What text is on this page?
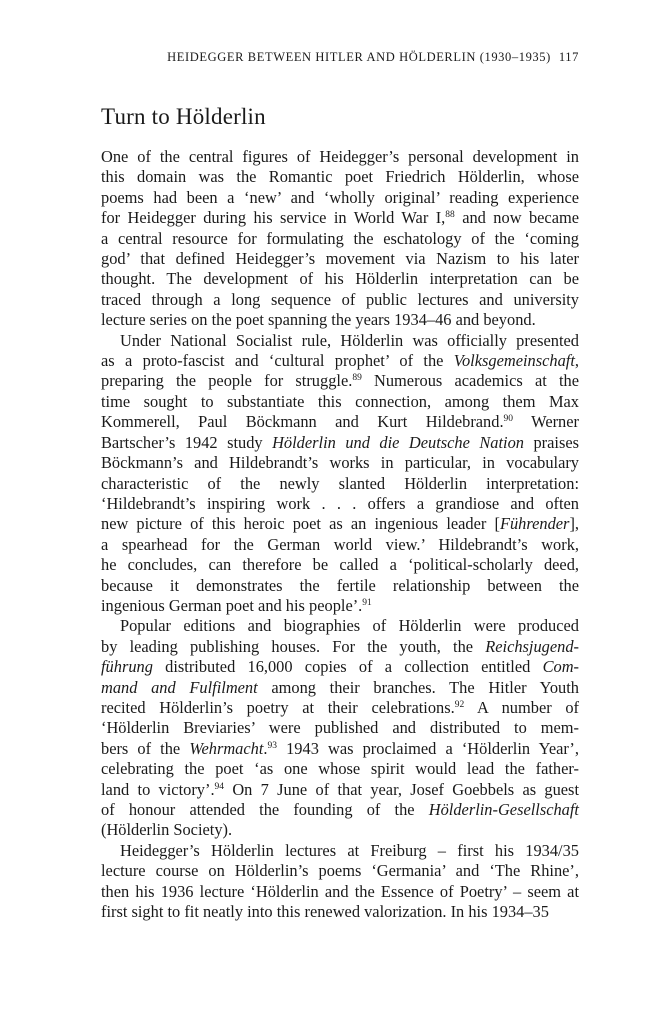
HEIDEGGER BETWEEN HITLER AND HÖLDERLIN (1930–1935) 117
Turn to Hölderlin

One of the central figures of Heidegger’s personal development in
this domain was the Romantic poet Friedrich Hölderlin, whose
poems had been a ‘new’ and ‘wholly original’ reading experience
for Heidegger during his service in World War I,$^{88}$ and now became
a central resource for formulating the eschatology of the ‘coming
god’ that defined Heidegger’s movement via Nazism to his later
thought. The development of his Hölderlin interpretation can be
traced through a long sequence of public lectures and university
lecture series on the poet spanning the years 1934–46 and beyond.

Under National Socialist rule, Hölderlin was officially presented
as a proto-fascist and ‘cultural prophet’ of the Volksgemeinschaft,
preparing the people for struggle.$^{89}$ Numerous academics at the
time sought to substantiate this connection, among them Max
Kommerell, Paul Böckmann and Kurt Hildebrand.$^{90}$ Werner
Bartscher’s 1942 study Hölderlin und die Deutsche Nation praises
Böckmann’s and Hildebrandt’s works in particular, in vocabulary
characteristic of the newly slanted Hölderlin interpretation:
‘Hildebrandt’s inspiring work . . . offers a grandiose and often
new picture of this heroic poet as an ingenious leader [Führender],
a spearhead for the German world view.’ Hildebrandt’s work,
he concludes, can therefore be called a ‘political-scholarly deed,
because it demonstrates the fertile relationship between the
ingenious German poet and his people’.$^{91}$

Popular editions and biographies of Hölderlin were produced
by leading publishing houses. For the youth, the Reichsjugend-
führung distributed 16,000 copies of a collection entitled Com-
mand and Fulfilment among their branches. The Hitler Youth
recited Hölderlin’s poetry at their celebrations.$^{92}$ A number of
‘Hölderlin Breviaries’ were published and distributed to mem-
bers of the Wehrmacht.$^{93}$ 1943 was proclaimed a ‘Hölderlin Year’,
celebrating the poet ‘as one whose spirit would lead the father-
land to victory’.$^{94}$ On 7 June of that year, Josef Goebbels as guest
of honour attended the founding of the Hölderlin-Gesellschaft
(Hölderlin Society).

Heidegger’s Hölderlin lectures at Freiburg – first his 1934/35
lecture course on Hölderlin’s poems ‘Germania’ and ‘The Rhine’,
then his 1936 lecture ‘Hölderlin and the Essence of Poetry’ – seem at
first sight to fit neatly into this renewed valorization. In his 1934–35
